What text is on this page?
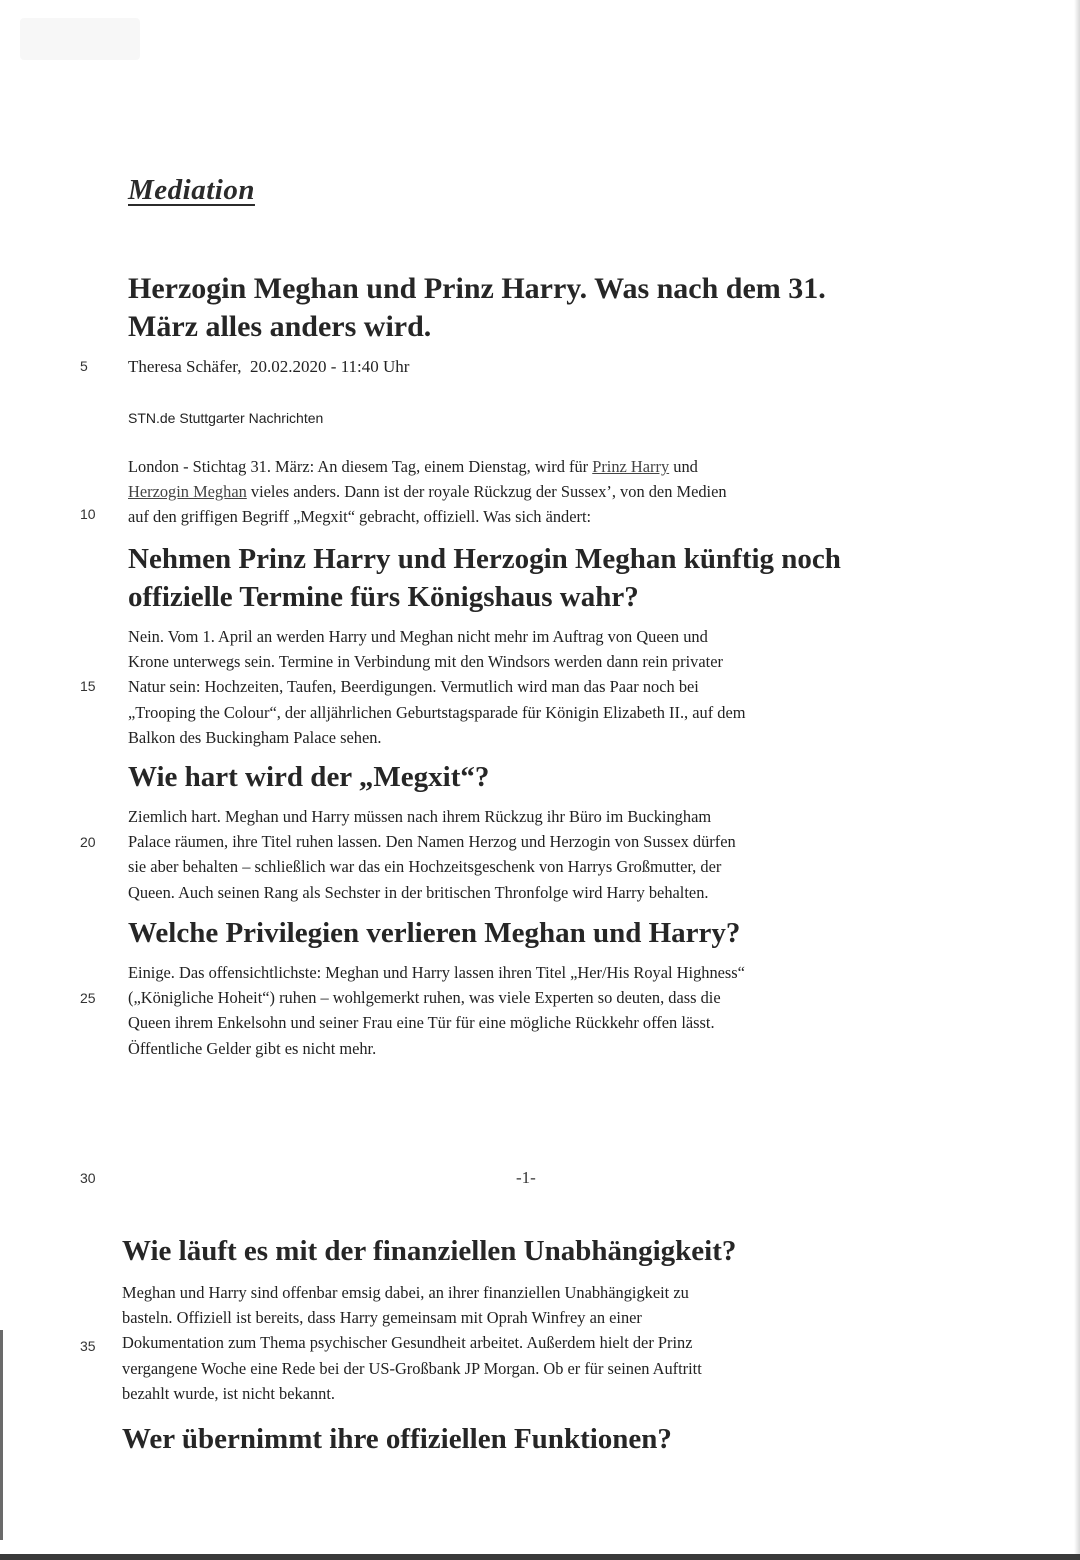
Mediation
Herzogin Meghan und Prinz Harry. Was nach dem 31.
März alles anders wird.
Theresa Schäfer, 20.02.2020 - 11:40 Uhr
STN.de Stuttgarter Nachrichten
London - Stichtag 31. März: An diesem Tag, einem Dienstag, wird für Prinz Harry und
Herzogin Meghan vieles anders. Dann ist der royale Rückzug der Sussex’, von den Medien
auf den griffigen Begriff „Megxit“ gebracht, offiziell. Was sich ändert:
Nehmen Prinz Harry und Herzogin Meghan künftig noch
offizielle Termine fürs Königshaus wahr?
Nein. Vom 1. April an werden Harry und Meghan nicht mehr im Auftrag von Queen und
Krone unterwegs sein. Termine in Verbindung mit den Windsors werden dann rein privater
Natur sein: Hochzeiten, Taufen, Beerdigungen. Vermutlich wird man das Paar noch bei
„Trooping the Colour“, der alljährlichen Geburtstagsparade für Königin Elizabeth II., auf dem
Balkon des Buckingham Palace sehen.
Wie hart wird der „Megxit“?
Ziemlich hart. Meghan und Harry müssen nach ihrem Rückzug ihr Büro im Buckingham
Palace räumen, ihre Titel ruhen lassen. Den Namen Herzog und Herzogin von Sussex dürfen
sie aber behalten – schließlich war das ein Hochzeitsgeschenk von Harrys Großmutter, der
Queen. Auch seinen Rang als Sechster in der britischen Thronfolge wird Harry behalten.
Welche Privilegien verlieren Meghan und Harry?
Einige. Das offensichtlichste: Meghan und Harry lassen ihren Titel „Her/His Royal Highness“
(„Königliche Hoheit“) ruhen – wohlgemerkt ruhen, was viele Experten so deuten, dass die
Queen ihrem Enkelsohn und seiner Frau eine Tür für eine mögliche Rückkehr offen lässt.
Öffentliche Gelder gibt es nicht mehr.
-1-
Wie läuft es mit der finanziellen Unabhängigkeit?
Meghan und Harry sind offenbar emsig dabei, an ihrer finanziellen Unabhängigkeit zu
basteln. Offiziell ist bereits, dass Harry gemeinsam mit Oprah Winfrey an einer
Dokumentation zum Thema psychischer Gesundheit arbeitet. Außerdem hielt der Prinz
vergangene Woche eine Rede bei der US-Großbank JP Morgan. Ob er für seinen Auftritt
bezahlt wurde, ist nicht bekannt.
Wer übernimmt ihre offiziellen Funktionen?
5
10
15
20
25
30
35
